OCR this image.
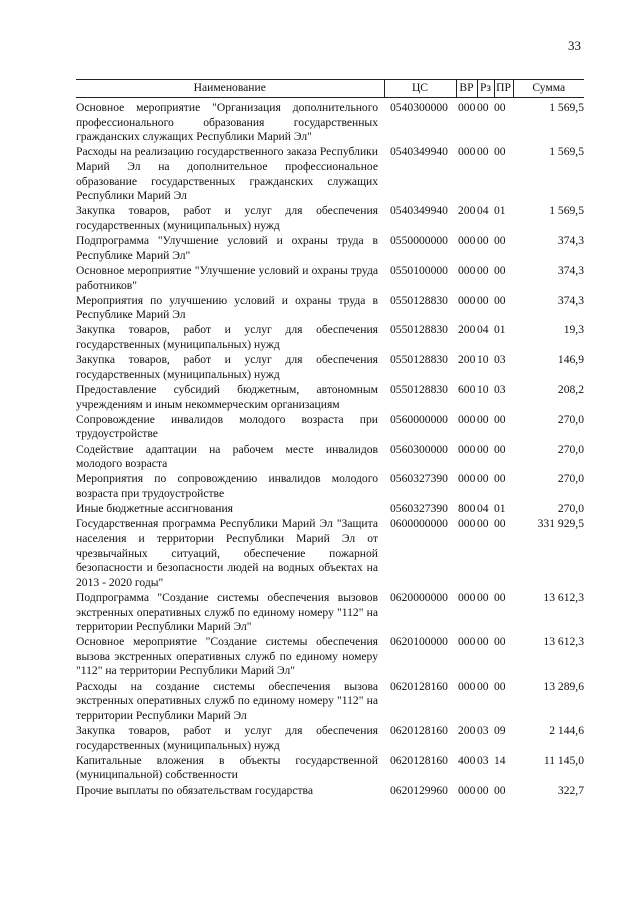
33
Наименование	ЦС	ВР	Рз	ПР	Сумма
Основное мероприятие "Организация дополнительного профессионального образования государственных гражданских служащих Республики Марий Эл"	0540300000	000	00	00	1 569,5
Расходы на реализацию государственного заказа Республики Марий Эл на дополнительное профессиональное образование государственных гражданских служащих Республики Марий Эл	0540349940	000	00	00	1 569,5
Закупка товаров, работ и услуг для обеспечения государственных (муниципальных) нужд	0540349940	200	04	01	1 569,5
Подпрограмма "Улучшение условий и охраны труда в Республике Марий Эл"	0550000000	000	00	00	374,3
Основное мероприятие "Улучшение условий и охраны труда работников"	0550100000	000	00	00	374,3
Мероприятия по улучшению условий и охраны труда в Республике Марий Эл	0550128830	000	00	00	374,3
Закупка товаров, работ и услуг для обеспечения государственных (муниципальных) нужд	0550128830	200	04	01	19,3
Закупка товаров, работ и услуг для обеспечения государственных (муниципальных) нужд	0550128830	200	10	03	146,9
Предоставление субсидий бюджетным, автономным учреждениям и иным некоммерческим организациям	0550128830	600	10	03	208,2
Сопровождение инвалидов молодого возраста при трудоустройстве	0560000000	000	00	00	270,0
Содействие адаптации на рабочем месте инвалидов молодого возраста	0560300000	000	00	00	270,0
Мероприятия по сопровождению инвалидов молодого возраста при трудоустройстве	0560327390	000	00	00	270,0
Иные бюджетные ассигнования	0560327390	800	04	01	270,0
Государственная программа Республики Марий Эл "Защита населения и территории Республики Марий Эл от чрезвычайных ситуаций, обеспечение пожарной безопасности и безопасности людей на водных объектах на 2013 - 2020 годы"	0600000000	000	00	00	331 929,5
Подпрограмма "Создание системы обеспечения вызовов экстренных оперативных служб по единому номеру "112" на территории Республики Марий Эл"	0620000000	000	00	00	13 612,3
Основное мероприятие "Создание системы обеспечения вызова экстренных оперативных служб по единому номеру "112" на территории Республики Марий Эл"	0620100000	000	00	00	13 612,3
Расходы на создание системы обеспечения вызова экстренных оперативных служб по единому номеру "112" на территории Республики Марий Эл	0620128160	000	00	00	13 289,6
Закупка товаров, работ и услуг для обеспечения государственных (муниципальных) нужд	0620128160	200	03	09	2 144,6
Капитальные вложения в объекты государственной (муниципальной) собственности	0620128160	400	03	14	11 145,0
Прочие выплаты по обязательствам государства	0620129960	000	00	00	322,7
